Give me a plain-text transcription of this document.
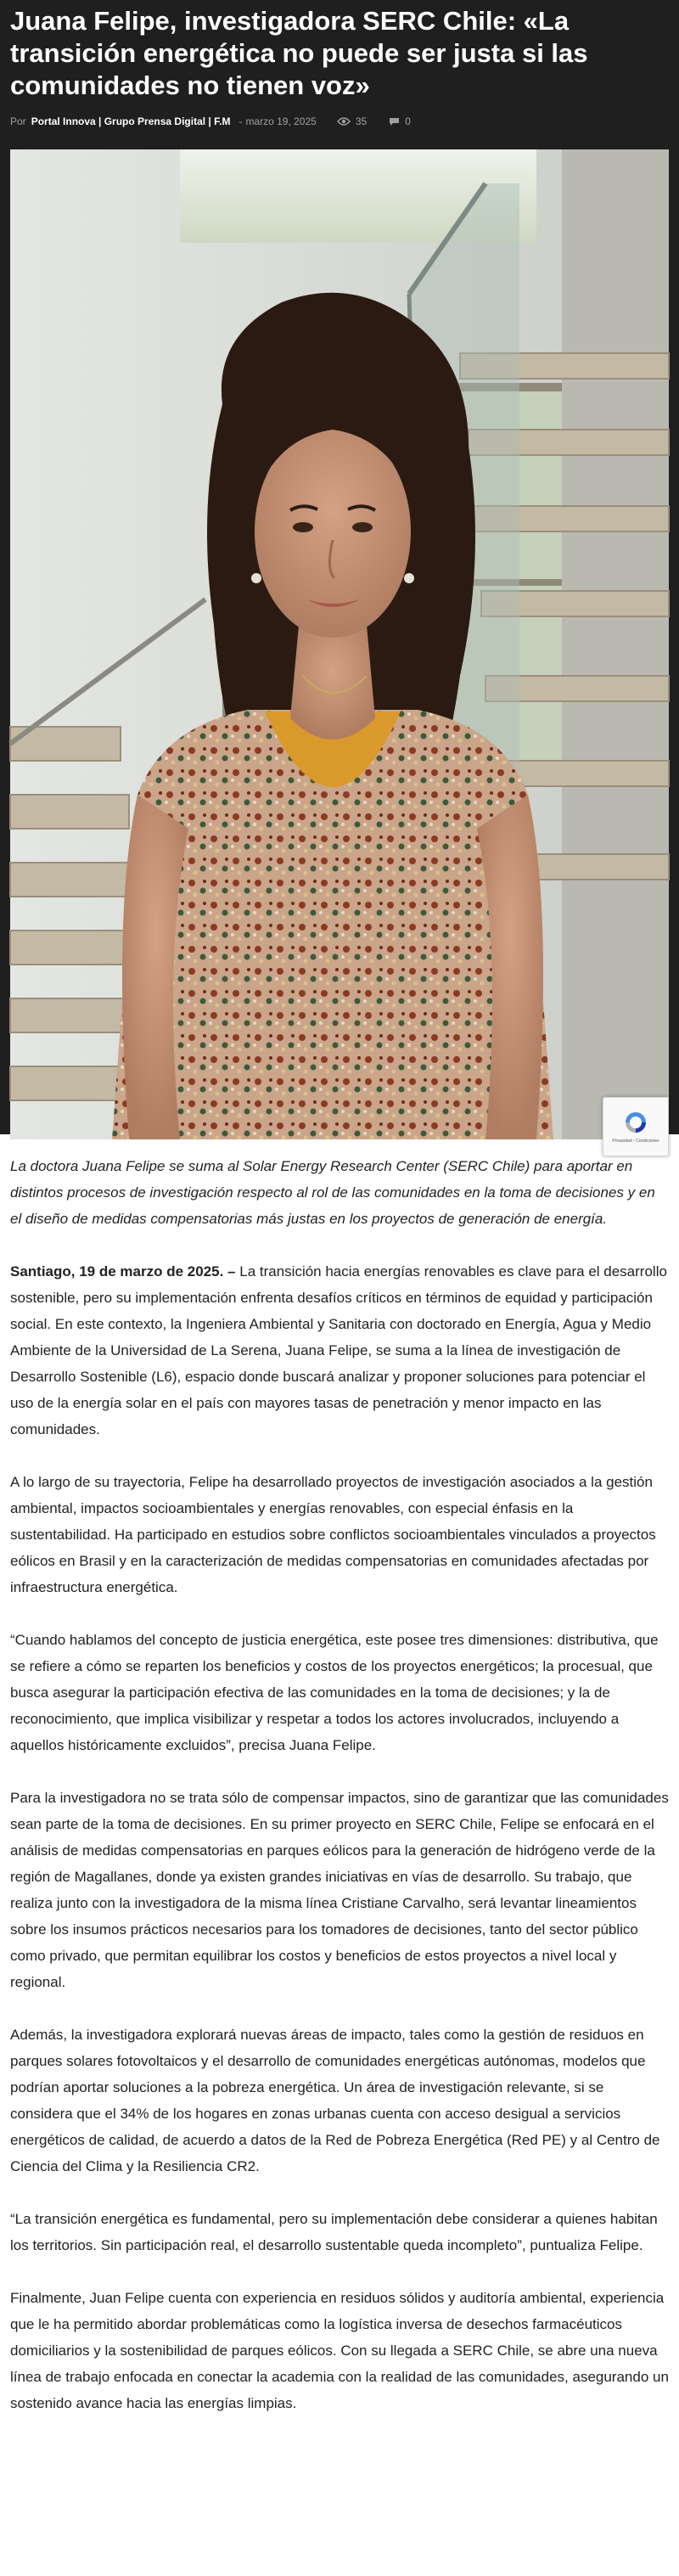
Juana Felipe, investigadora SERC Chile: «La transición energética no puede ser justa si las comunidades no tienen voz»
Por Portal Innova | Grupo Prensa Digital | F.M - marzo 19, 2025	35	0
Privacidad - Condiciones

La doctora Juana Felipe se suma al Solar Energy Research Center (SERC Chile) para aportar en distintos procesos de investigación respecto al rol de las comunidades en la toma de decisiones y en el diseño de medidas compensatorias más justas en los proyectos de generación de energía.

Santiago, 19 de marzo de 2025. – La transición hacia energías renovables es clave para el desarrollo sostenible, pero su implementación enfrenta desafíos críticos en términos de equidad y participación social. En este contexto, la Ingeniera Ambiental y Sanitaria con doctorado en Energía, Agua y Medio Ambiente de la Universidad de La Serena, Juana Felipe, se suma a la línea de investigación de Desarrollo Sostenible (L6), espacio donde buscará analizar y proponer soluciones para potenciar el uso de la energía solar en el país con mayores tasas de penetración y menor impacto en las comunidades.

A lo largo de su trayectoria, Felipe ha desarrollado proyectos de investigación asociados a la gestión ambiental, impactos socioambientales y energías renovables, con especial énfasis en la sustentabilidad. Ha participado en estudios sobre conflictos socioambientales vinculados a proyectos eólicos en Brasil y en la caracterización de medidas compensatorias en comunidades afectadas por infraestructura energética.

“Cuando hablamos del concepto de justicia energética, este posee tres dimensiones: distributiva, que se refiere a cómo se reparten los beneficios y costos de los proyectos energéticos; la procesual, que busca asegurar la participación efectiva de las comunidades en la toma de decisiones; y la de reconocimiento, que implica visibilizar y respetar a todos los actores involucrados, incluyendo a aquellos históricamente excluidos”, precisa Juana Felipe.

Para la investigadora no se trata sólo de compensar impactos, sino de garantizar que las comunidades sean parte de la toma de decisiones. En su primer proyecto en SERC Chile, Felipe se enfocará en el análisis de medidas compensatorias en parques eólicos para la generación de hidrógeno verde de la región de Magallanes, donde ya existen grandes iniciativas en vías de desarrollo. Su trabajo, que realiza junto con la investigadora de la misma línea Cristiane Carvalho, será levantar lineamientos sobre los insumos prácticos necesarios para los tomadores de decisiones, tanto del sector público como privado, que permitan equilibrar los costos y beneficios de estos proyectos a nivel local y regional.

Además, la investigadora explorará nuevas áreas de impacto, tales como la gestión de residuos en parques solares fotovoltaicos y el desarrollo de comunidades energéticas autónomas, modelos que podrían aportar soluciones a la pobreza energética. Un área de investigación relevante, si se considera que el 34% de los hogares en zonas urbanas cuenta con acceso desigual a servicios energéticos de calidad, de acuerdo a datos de la Red de Pobreza Energética (Red PE) y al Centro de Ciencia del Clima y la Resiliencia CR2.

“La transición energética es fundamental, pero su implementación debe considerar a quienes habitan los territorios. Sin participación real, el desarrollo sustentable queda incompleto”, puntualiza Felipe.

Finalmente, Juan Felipe cuenta con experiencia en residuos sólidos y auditoría ambiental, experiencia que le ha permitido abordar problemáticas como la logística inversa de desechos farmacéuticos domiciliarios y la sostenibilidad de parques eólicos. Con su llegada a SERC Chile, se abre una nueva línea de trabajo enfocada en conectar la academia con la realidad de las comunidades, asegurando un sostenido avance hacia las energías limpias.
